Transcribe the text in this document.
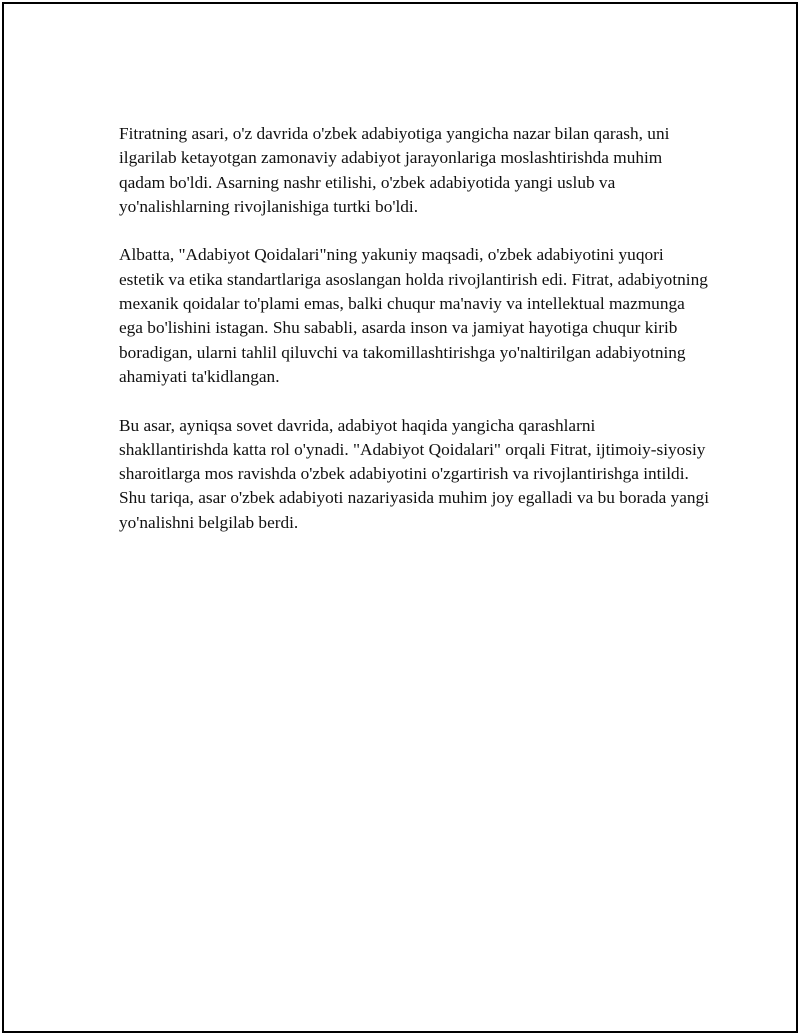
Fitratning asari, o'z davrida o'zbek adabiyotiga yangicha nazar bilan qarash, uni ilgarilab ketayotgan zamonaviy adabiyot jarayonlariga moslashtirishda muhim qadam bo'ldi. Asarning nashr etilishi, o'zbek adabiyotida yangi uslub va yo'nalishlarning rivojlanishiga turtki bo'ldi.

Albatta, "Adabiyot Qoidalari"ning yakuniy maqsadi, o'zbek adabiyotini yuqori estetik va etika standartlariga asoslangan holda rivojlantirish edi. Fitrat, adabiyotning mexanik qoidalar to'plami emas, balki chuqur ma'naviy va intellektual mazmunga ega bo'lishini istagan. Shu sababli, asarda inson va jamiyat hayotiga chuqur kirib boradigan, ularni tahlil qiluvchi va takomillashtirishga yo'naltirilgan adabiyotning ahamiyati ta'kidlangan.

Bu asar, ayniqsa sovet davrida, adabiyot haqida yangicha qarashlarni shakllantirishda katta rol o'ynadi. "Adabiyot Qoidalari" orqali Fitrat, ijtimoiy-siyosiy sharoitlarga mos ravishda o'zbek adabiyotini o'zgartirish va rivojlantirishga intildi. Shu tariqa, asar o'zbek adabiyoti nazariyasida muhim joy egalladi va bu borada yangi yo'nalishni belgilab berdi.
